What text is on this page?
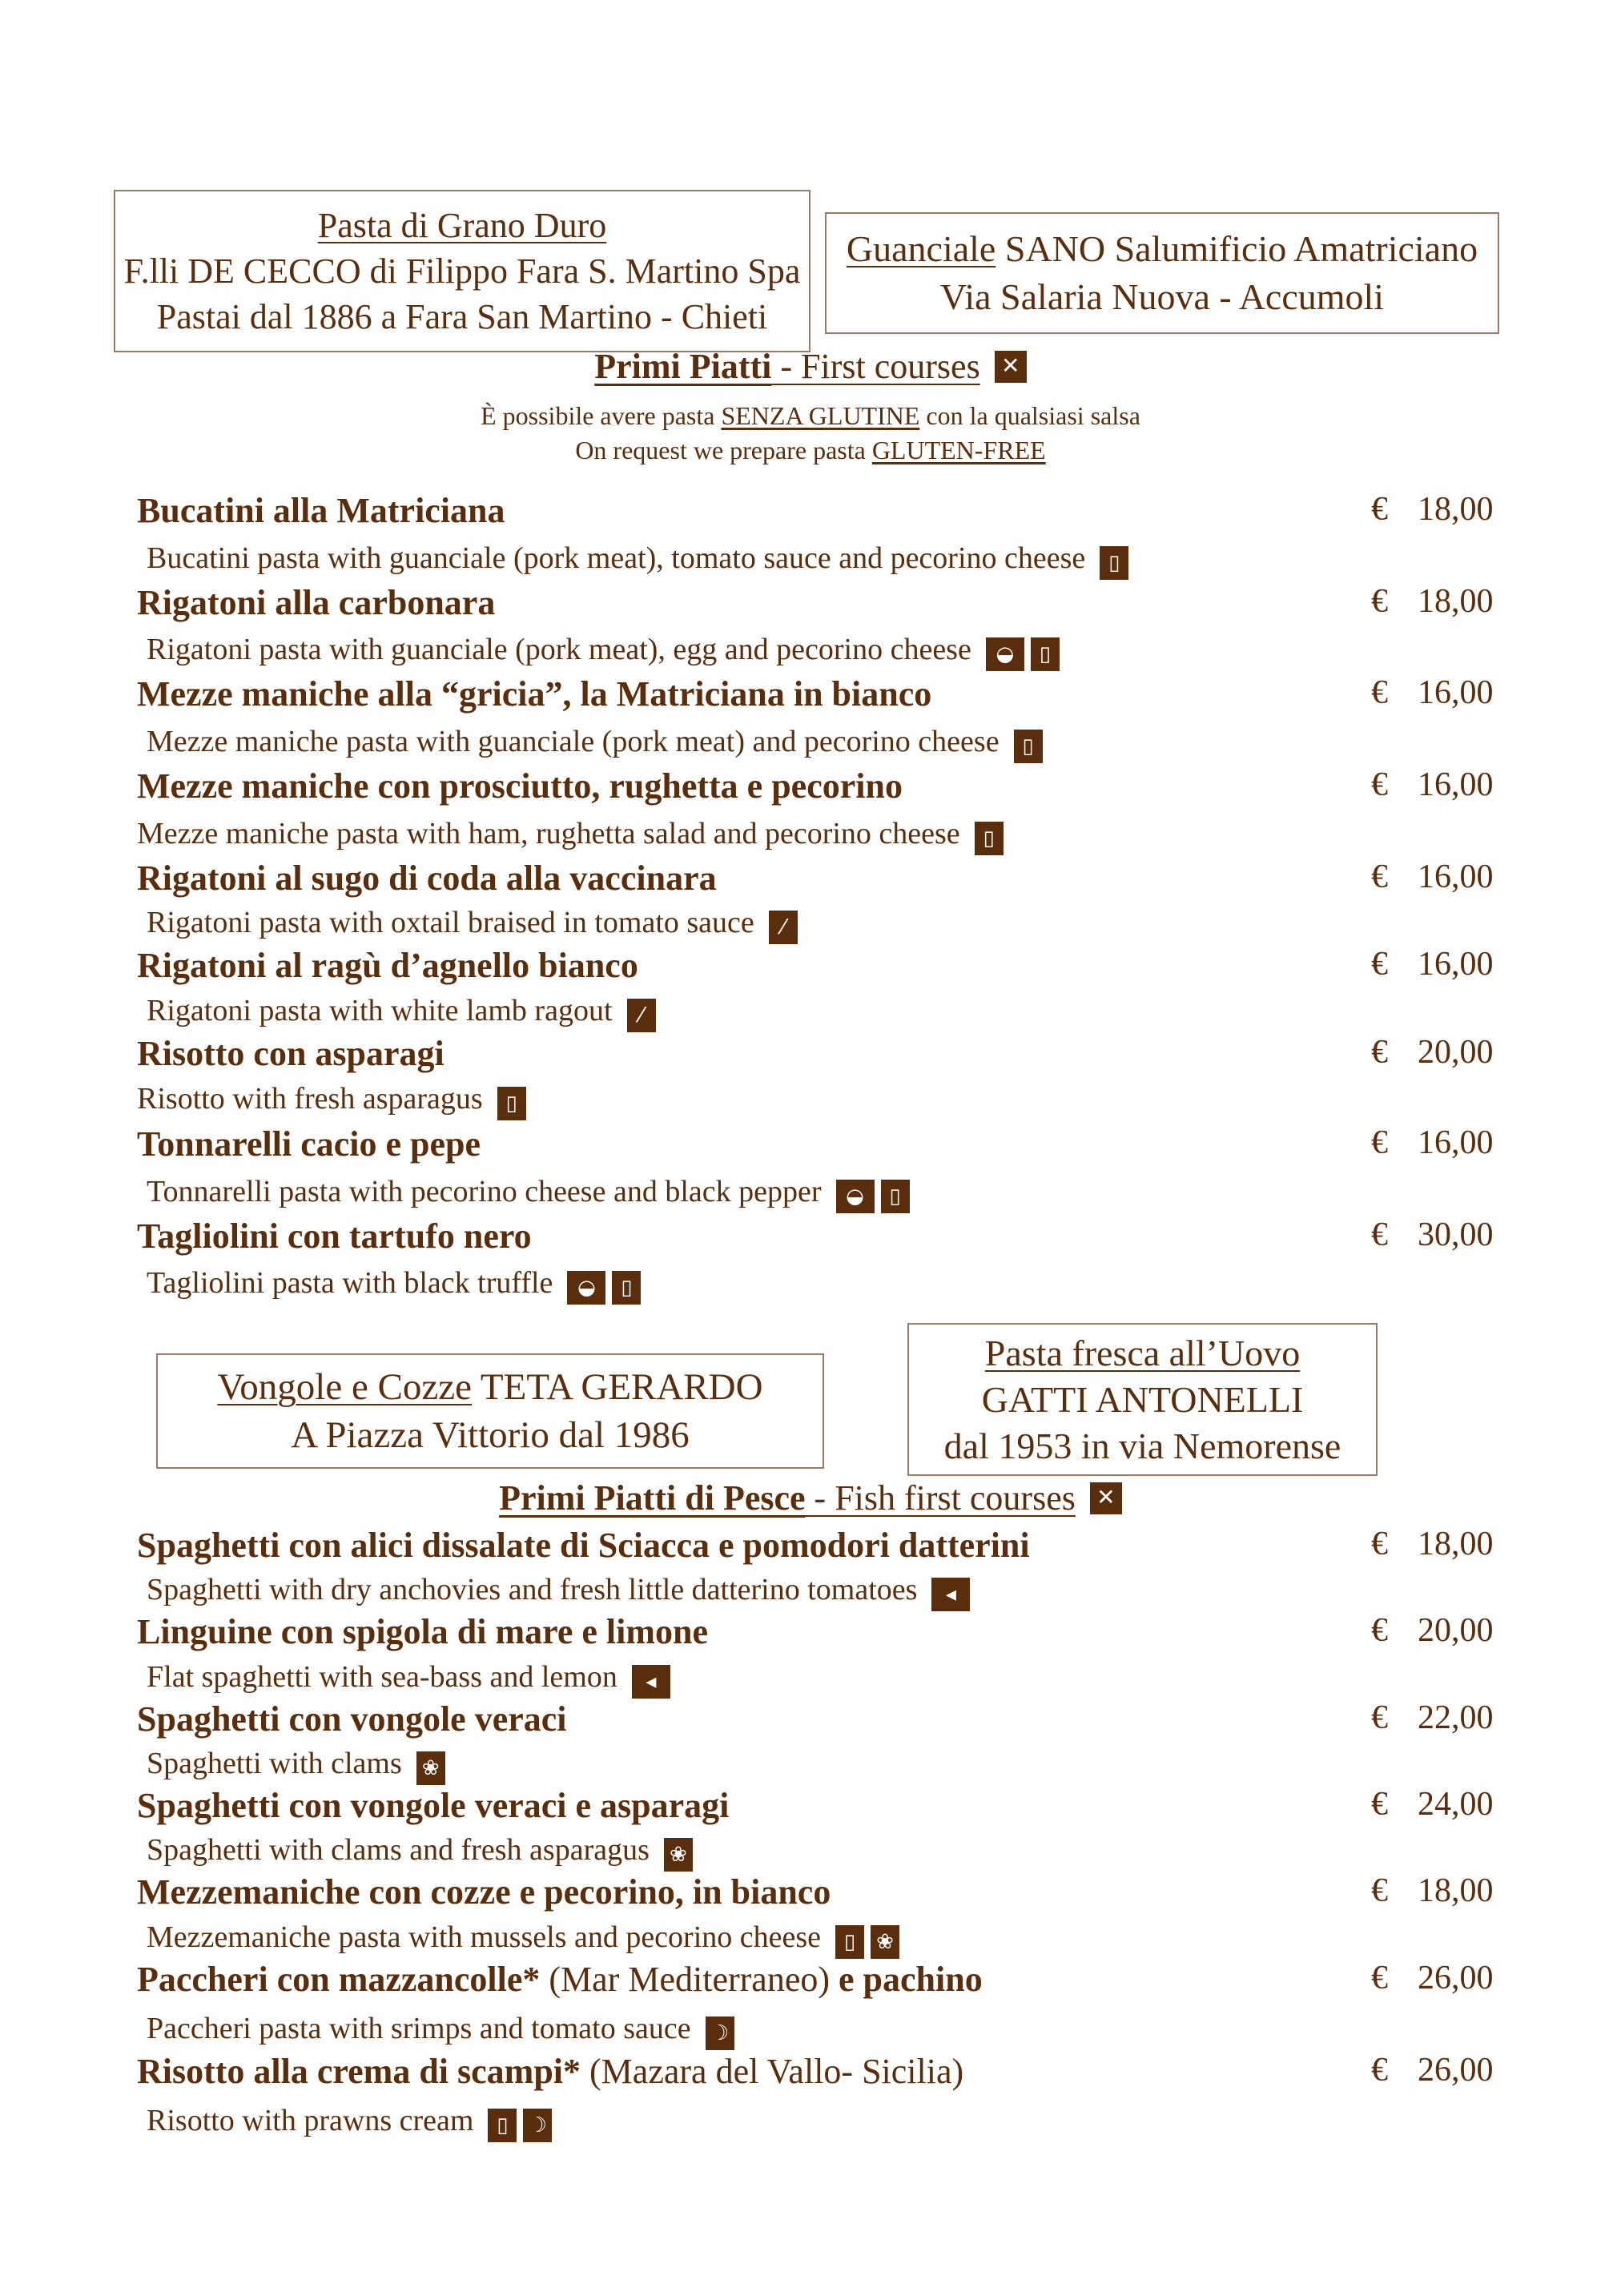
Pasta di Grano Duro
F.lli DE CECCO di Filippo Fara S. Martino Spa
Pastai dal 1886 a Fara San Martino - Chieti
Guanciale SANO Salumificio Amatriciano
Via Salaria Nuova - Accumoli
Primi Piatti - First courses ✕
È possibile avere pasta SENZA GLUTINE con la qualsiasi salsa
On request we prepare pasta GLUTEN-FREE
Bucatini alla Matriciana	€ 18,00
Bucatini pasta with guanciale (pork meat), tomato sauce and pecorino cheese ▯
Rigatoni alla carbonara	€ 18,00
Rigatoni pasta with guanciale (pork meat), egg and pecorino cheese ◒ ▯
Mezze maniche alla “gricia”, la Matriciana in bianco	€ 16,00
Mezze maniche pasta with guanciale (pork meat) and pecorino cheese ▯
Mezze maniche con prosciutto, rughetta e pecorino	€ 16,00
Mezze maniche pasta with ham, rughetta salad and pecorino cheese ▯
Rigatoni al sugo di coda alla vaccinara	€ 16,00
Rigatoni pasta with oxtail braised in tomato sauce ⁄
Rigatoni al ragù d’agnello bianco	€ 16,00
Rigatoni pasta with white lamb ragout ⁄
Risotto con asparagi	€ 20,00
Risotto with fresh asparagus ▯
Tonnarelli cacio e pepe	€ 16,00
Tonnarelli pasta with pecorino cheese and black pepper ◒ ▯
Tagliolini con tartufo nero	€ 30,00
Tagliolini pasta with black truffle ◒ ▯
Vongole e Cozze TETA GERARDO
A Piazza Vittorio dal 1986
Pasta fresca all’Uovo
GATTI ANTONELLI
dal 1953 in via Nemorense
Primi Piatti di Pesce - Fish first courses ✕
Spaghetti con alici dissalate di Sciacca e pomodori datterini	€ 18,00
Spaghetti with dry anchovies and fresh little datterino tomatoes ◂
Linguine con spigola di mare e limone	€ 20,00
Flat spaghetti with sea-bass and lemon ◂
Spaghetti con vongole veraci	€ 22,00
Spaghetti with clams ❀
Spaghetti con vongole veraci e asparagi	€ 24,00
Spaghetti with clams and fresh asparagus ❀
Mezzemaniche con cozze e pecorino, in bianco	€ 18,00
Mezzemaniche pasta with mussels and pecorino cheese ▯ ❀
Paccheri con mazzancolle* (Mar Mediterraneo) e pachino	€ 26,00
Paccheri pasta with srimps and tomato sauce ☽
Risotto alla crema di scampi* (Mazara del Vallo- Sicilia)	€ 26,00
Risotto with prawns cream ▯ ☽
